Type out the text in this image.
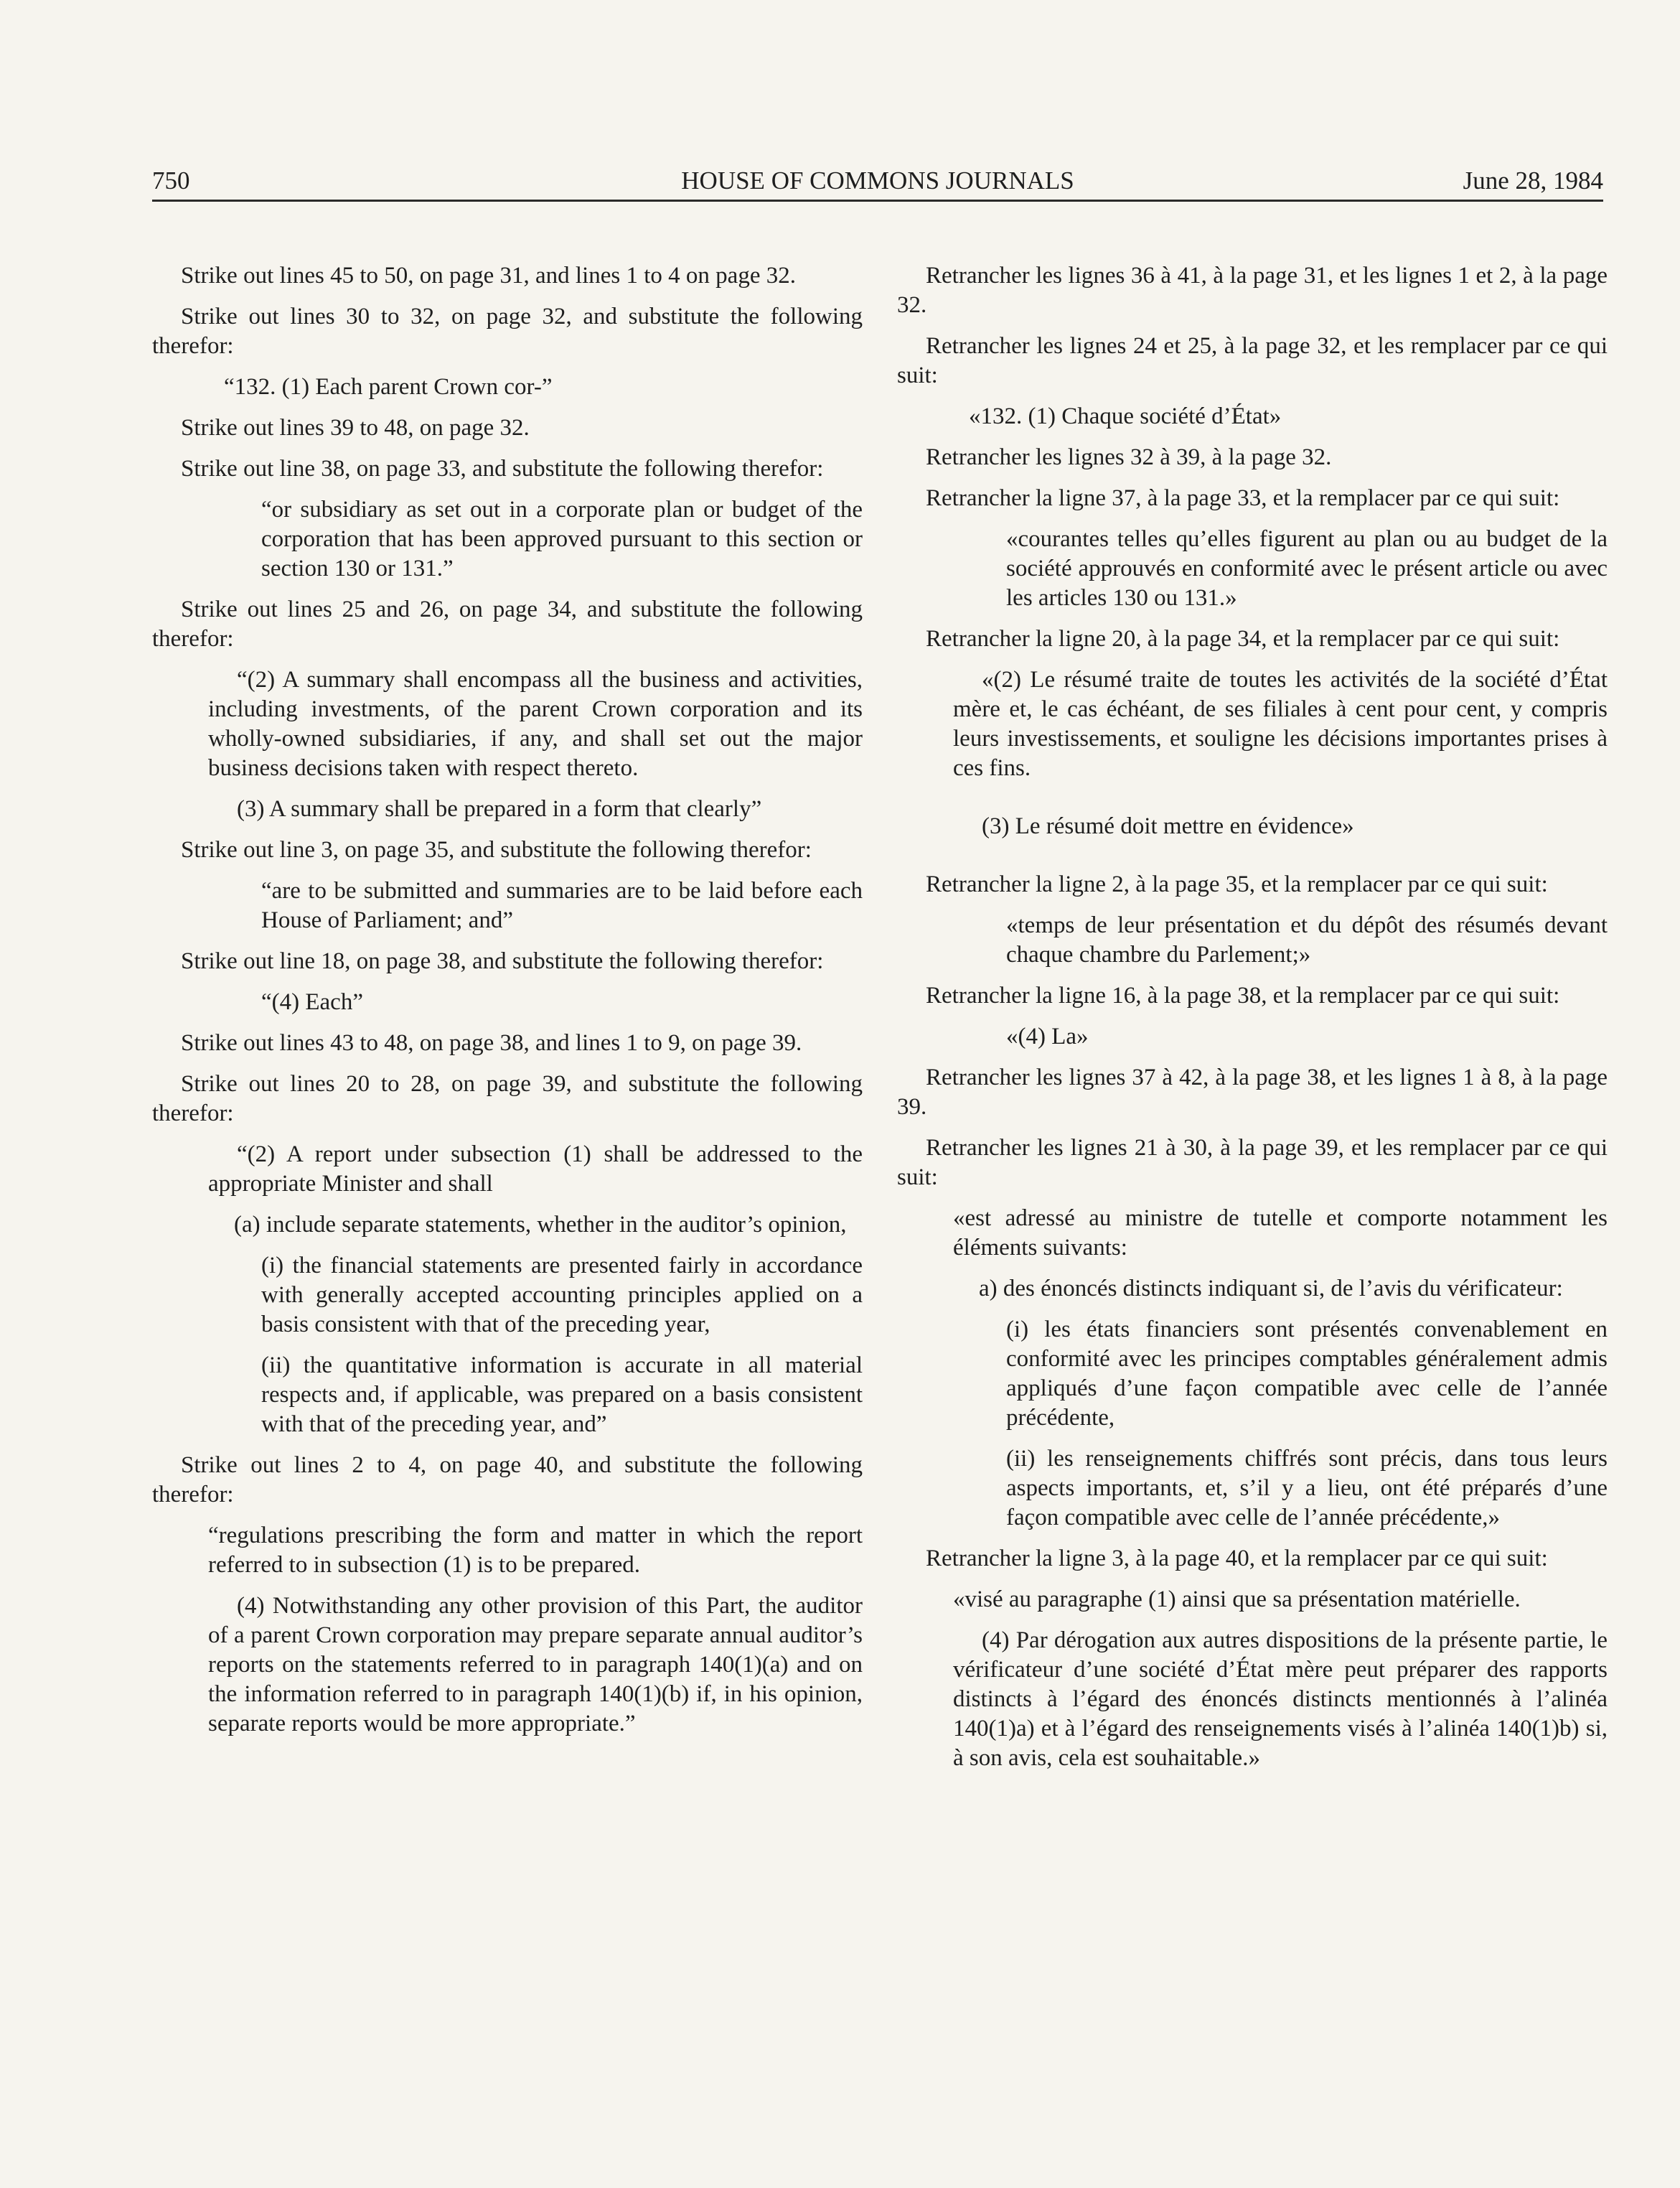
750	HOUSE OF COMMONS JOURNALS	June 28, 1984

Strike out lines 45 to 50, on page 31, and lines 1 to 4 on page 32.

Strike out lines 30 to 32, on page 32, and substitute the following therefor:

“132. (1) Each parent Crown cor-”

Strike out lines 39 to 48, on page 32.

Strike out line 38, on page 33, and substitute the following therefor:

“or subsidiary as set out in a corporate plan or budget of the corporation that has been approved pursuant to this section or section 130 or 131.”

Strike out lines 25 and 26, on page 34, and substitute the following therefor:

“(2) A summary shall encompass all the business and activities, including investments, of the parent Crown corporation and its wholly-owned subsidiaries, if any, and shall set out the major business decisions taken with respect thereto.

(3) A summary shall be prepared in a form that clearly”

Strike out line 3, on page 35, and substitute the following therefor:

“are to be submitted and summaries are to be laid before each House of Parliament; and”

Strike out line 18, on page 38, and substitute the following therefor:

“(4) Each”

Strike out lines 43 to 48, on page 38, and lines 1 to 9, on page 39.

Strike out lines 20 to 28, on page 39, and substitute the following therefor:

“(2) A report under subsection (1) shall be addressed to the appropriate Minister and shall

(a) include separate statements, whether in the auditor’s opinion,

(i) the financial statements are presented fairly in accordance with generally accepted accounting principles applied on a basis consistent with that of the preceding year,

(ii) the quantitative information is accurate in all material respects and, if applicable, was prepared on a basis consistent with that of the preceding year, and”

Strike out lines 2 to 4, on page 40, and substitute the following therefor:

“regulations prescribing the form and matter in which the report referred to in subsection (1) is to be prepared.

(4) Notwithstanding any other provision of this Part, the auditor of a parent Crown corporation may prepare separate annual auditor’s reports on the statements referred to in paragraph 140(1)(a) and on the information referred to in paragraph 140(1)(b) if, in his opinion, separate reports would be more appropriate.”

Retrancher les lignes 36 à 41, à la page 31, et les lignes 1 et 2, à la page 32.

Retrancher les lignes 24 et 25, à la page 32, et les remplacer par ce qui suit:

«132. (1) Chaque société d’État»

Retrancher les lignes 32 à 39, à la page 32.

Retrancher la ligne 37, à la page 33, et la remplacer par ce qui suit:

«courantes telles qu’elles figurent au plan ou au budget de la société approuvés en conformité avec le présent article ou avec les articles 130 ou 131.»

Retrancher la ligne 20, à la page 34, et la remplacer par ce qui suit:

«(2) Le résumé traite de toutes les activités de la société d’État mère et, le cas échéant, de ses filiales à cent pour cent, y compris leurs investissements, et souligne les décisions importantes prises à ces fins.

(3) Le résumé doit mettre en évidence»

Retrancher la ligne 2, à la page 35, et la remplacer par ce qui suit:

«temps de leur présentation et du dépôt des résumés devant chaque chambre du Parlement;»

Retrancher la ligne 16, à la page 38, et la remplacer par ce qui suit:

«(4) La»

Retrancher les lignes 37 à 42, à la page 38, et les lignes 1 à 8, à la page 39.

Retrancher les lignes 21 à 30, à la page 39, et les remplacer par ce qui suit:

«est adressé au ministre de tutelle et comporte notamment les éléments suivants:

a) des énoncés distincts indiquant si, de l’avis du vérificateur:

(i) les états financiers sont présentés convenablement en conformité avec les principes comptables généralement admis appliqués d’une façon compatible avec celle de l’année précédente,

(ii) les renseignements chiffrés sont précis, dans tous leurs aspects importants, et, s’il y a lieu, ont été préparés d’une façon compatible avec celle de l’année précédente,»

Retrancher la ligne 3, à la page 40, et la remplacer par ce qui suit:

«visé au paragraphe (1) ainsi que sa présentation matérielle.

(4) Par dérogation aux autres dispositions de la présente partie, le vérificateur d’une société d’État mère peut préparer des rapports distincts à l’égard des énoncés distincts mentionnés à l’alinéa 140(1)a) et à l’égard des renseignements visés à l’alinéa 140(1)b) si, à son avis, cela est souhaitable.»
